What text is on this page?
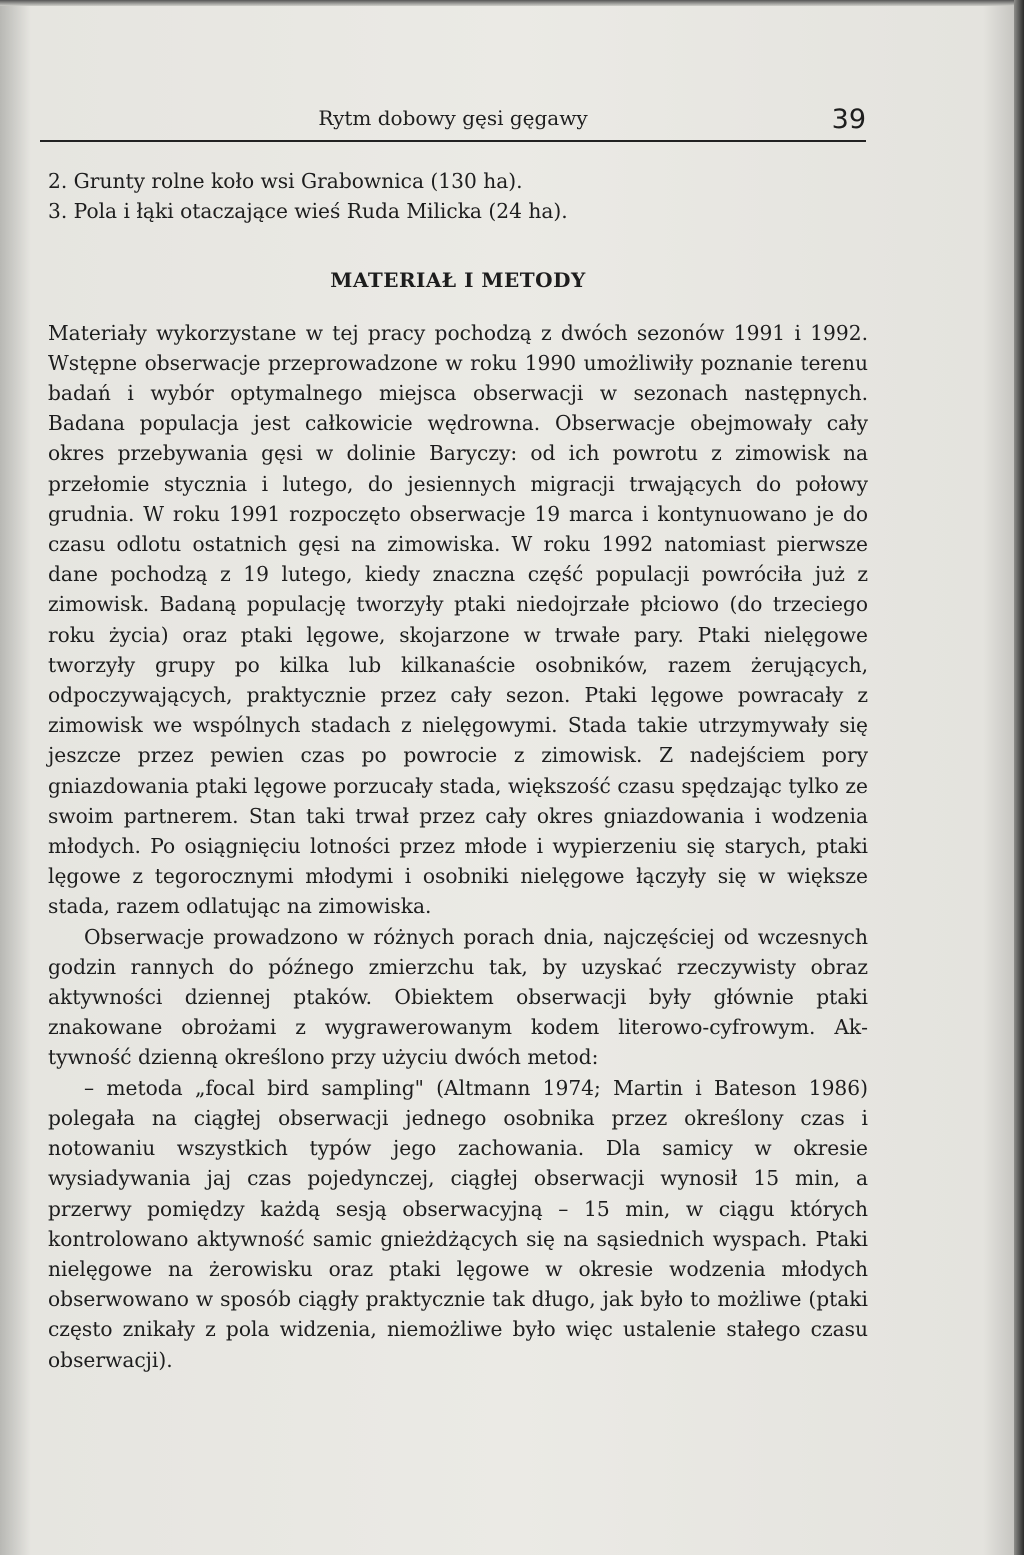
Rytm dobowy gęsi gęgawy	39

2. Grunty rolne koło wsi Grabownica (130 ha).

3. Pola i łąki otaczające wieś Ruda Milicka (24 ha).

MATERIAŁ I METODY

Materiały wykorzystane w tej pracy pochodzą z dwóch sezonów 1991 i 1992. Wstępne obserwacje przeprowadzone w roku 1990 umożliwiły poznanie terenu badań i wybór optymalnego miejsca obserwacji w sezonach następnych. Badana populacja jest całkowicie wędrowna. Obserwacje obejmowały cały okres przebywania gęsi w dolinie Baryczy: od ich powrotu z zimowisk na przełomie stycznia i lutego, do jesiennych migracji trwających do połowy grudnia. W roku 1991 rozpoczęto obserwacje 19 marca i kontynuowano je do czasu odlotu ostatnich gęsi na zimowiska. W roku 1992 natomiast pierwsze dane pochodzą z 19 lutego, kiedy znaczna część populacji powróciła już z zimowisk. Badaną populację tworzyły ptaki niedojrzałe płciowo (do trzeciego roku życia) oraz ptaki lęgowe, skojarzone w trwałe pary. Ptaki nielęgowe tworzyły grupy po kilka lub kilkanaście osobników, razem żerujących, odpoczywających, praktycznie przez cały sezon. Ptaki lęgowe powracały z zimowisk we wspólnych stadach z nielęgowymi. Stada takie utrzymywały się jeszcze przez pewien czas po powrocie z zimowisk. Z nadejściem pory gniazdowania ptaki lęgowe porzucały stada, większość czasu spędzając tylko ze swoim partnerem. Stan taki trwał przez cały okres gniazdowania i wodzenia młodych. Po osiągnięciu lotności przez młode i wypierzeniu się starych, ptaki lęgowe z tegorocznymi młodymi i osobniki nielęgowe łączyły się w większe stada, razem odlatując na zimowiska.

Obserwacje prowadzono w różnych porach dnia, najczęściej od wczesnych godzin rannych do późnego zmierzchu tak, by uzyskać rzeczywisty obraz aktywności dziennej ptaków. Obiektem obserwacji były głównie ptaki znakowane obrożami z wygrawerowanym kodem literowo-cyfrowym. Aktywność dzienną określono przy użyciu dwóch metod:

– metoda „focal bird sampling" (Altmann 1974; Martin i Bateson 1986) polegała na ciągłej obserwacji jednego osobnika przez określony czas i notowaniu wszystkich typów jego zachowania. Dla samicy w okresie wysiadywania jaj czas pojedynczej, ciągłej obserwacji wynosił 15 min, a przerwy pomiędzy każdą sesją obserwacyjną – 15 min, w ciągu których kontrolowano aktywność samic gnieżdżących się na sąsiednich wyspach. Ptaki nielęgowe na żerowisku oraz ptaki lęgowe w okresie wodzenia młodych obserwowano w sposób ciągły praktycznie tak długo, jak było to możliwe (ptaki często znikały z pola widzenia, niemożliwe było więc ustalenie stałego czasu obserwacji).
